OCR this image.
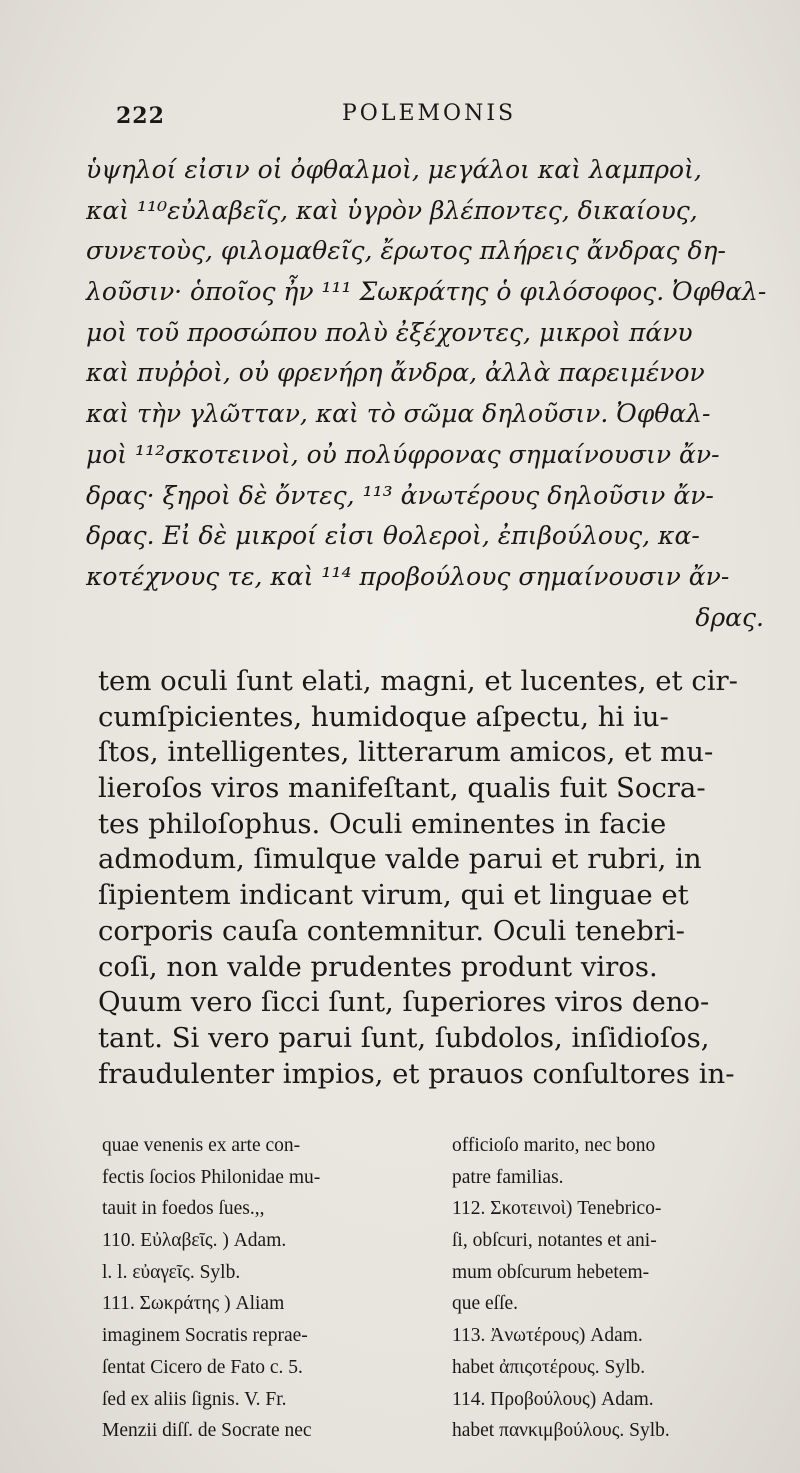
222	POLEMONIS
ὑψηλοί εἰσιν οἱ ὀφθαλμοὶ, μεγάλοι καὶ λαμπροὶ,
καὶ ¹¹⁰εὐλαβεῖς, καὶ ὑγρὸν βλέποντες, δικαίους,
συνετοὺς, φιλομαθεῖς, ἔρωτος πλήρεις ἄνδρας δη-
λοῦσιν· ὁποῖος ἦν ¹¹¹ Σωκράτης ὁ φιλόσοφος. Ὀφθαλ-
μοὶ τοῦ προσώπου πολὺ ἐξέχοντες, μικροὶ πάνυ
καὶ πυῤῥοὶ, οὐ φρενήρη ἄνδρα, ἀλλὰ παρειμένον
καὶ τὴν γλῶτταν, καὶ τὸ σῶμα δηλοῦσιν. Ὀφθαλ-
μοὶ ¹¹²σκοτεινοὶ, οὐ πολύφρονας σημαίνουσιν ἄν-
δρας· ξηροὶ δὲ ὄντες, ¹¹³ ἀνωτέρους δηλοῦσιν ἄν-
δρας. Εἰ δὲ μικροί εἰσι θολεροὶ, ἐπιβούλους, κα-
κοτέχνους τε, καὶ ¹¹⁴ προβούλους σημαίνουσιν ἄν-
δρας.
tem oculi ſunt elati, magni, et lucentes, et cir-
cumſpicientes, humidoque aſpectu, hi iu-
ſtos, intelligentes, litterarum amicos, et mu-
lieroſos viros manifeſtant, qualis fuit Socra-
tes philoſophus. Oculi eminentes in facie
admodum, ſimulque valde parui et rubri, in
ſipientem indicant virum, qui et linguae et
corporis cauſa contemnitur. Oculi tenebri-
coſi, non valde prudentes produnt viros.
Quum vero ſicci ſunt, ſuperiores viros deno-
tant. Si vero parui ſunt, ſubdolos, inſidioſos,
fraudulenter impios, et prauos conſultores in-
quae venenis ex arte con-
fectis ſocios Philonidae mu-
tauit in foedos ſues.,,
110. Εὐλαβεῖς. ) Adam.
l. l. εὐαγεῖς. Sylb.
111. Σωκράτης ) Aliam
imaginem Socratis reprae-
ſentat Cicero de Fato c. 5.
ſed ex aliis ſignis. V. Fr.
Menzii diſſ. de Socrate nec
officioſo marito, nec bono
patre familias.
112. Σκοτεινοὶ) Tenebrico-
ſi, obſcuri, notantes et ani-
mum obſcurum hebetem-
que eſſe.
113. Ἀνωτέρους) Adam.
habet ἀπιςοτέρους. Sylb.
114. Προβούλους) Adam.
habet πανκιμβούλους. Sylb.
